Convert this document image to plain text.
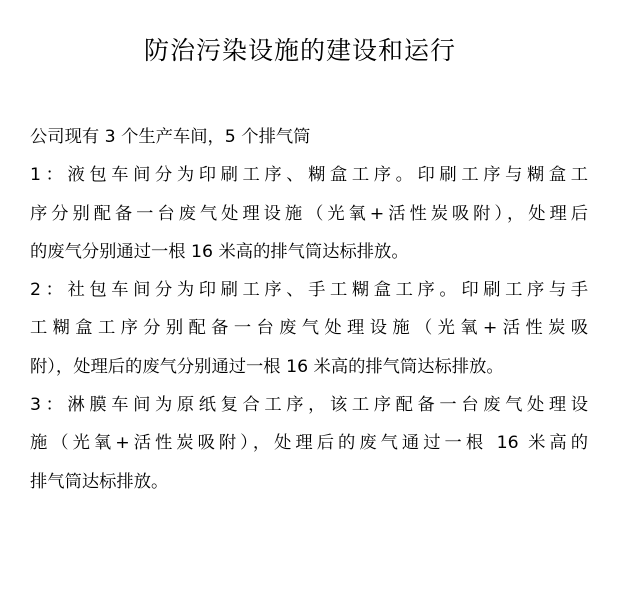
防治污染设施的建设和运行
公司现有 3 个生产车间，5 个排气筒
1：液包车间分为印刷工序、糊盒工序。印刷工序与糊盒工
序分别配备一台废气处理设施（光氧+活性炭吸附），处理后
的废气分别通过一根 16 米高的排气筒达标排放。
2：社包车间分为印刷工序、手工糊盒工序。印刷工序与手
工糊盒工序分别配备一台废气处理设施（光氧+活性炭吸
附），处理后的废气分别通过一根 16 米高的排气筒达标排放。
3：淋膜车间为原纸复合工序，该工序配备一台废气处理设
施（光氧+活性炭吸附），处理后的废气通过一根 16 米高的
排气筒达标排放。
